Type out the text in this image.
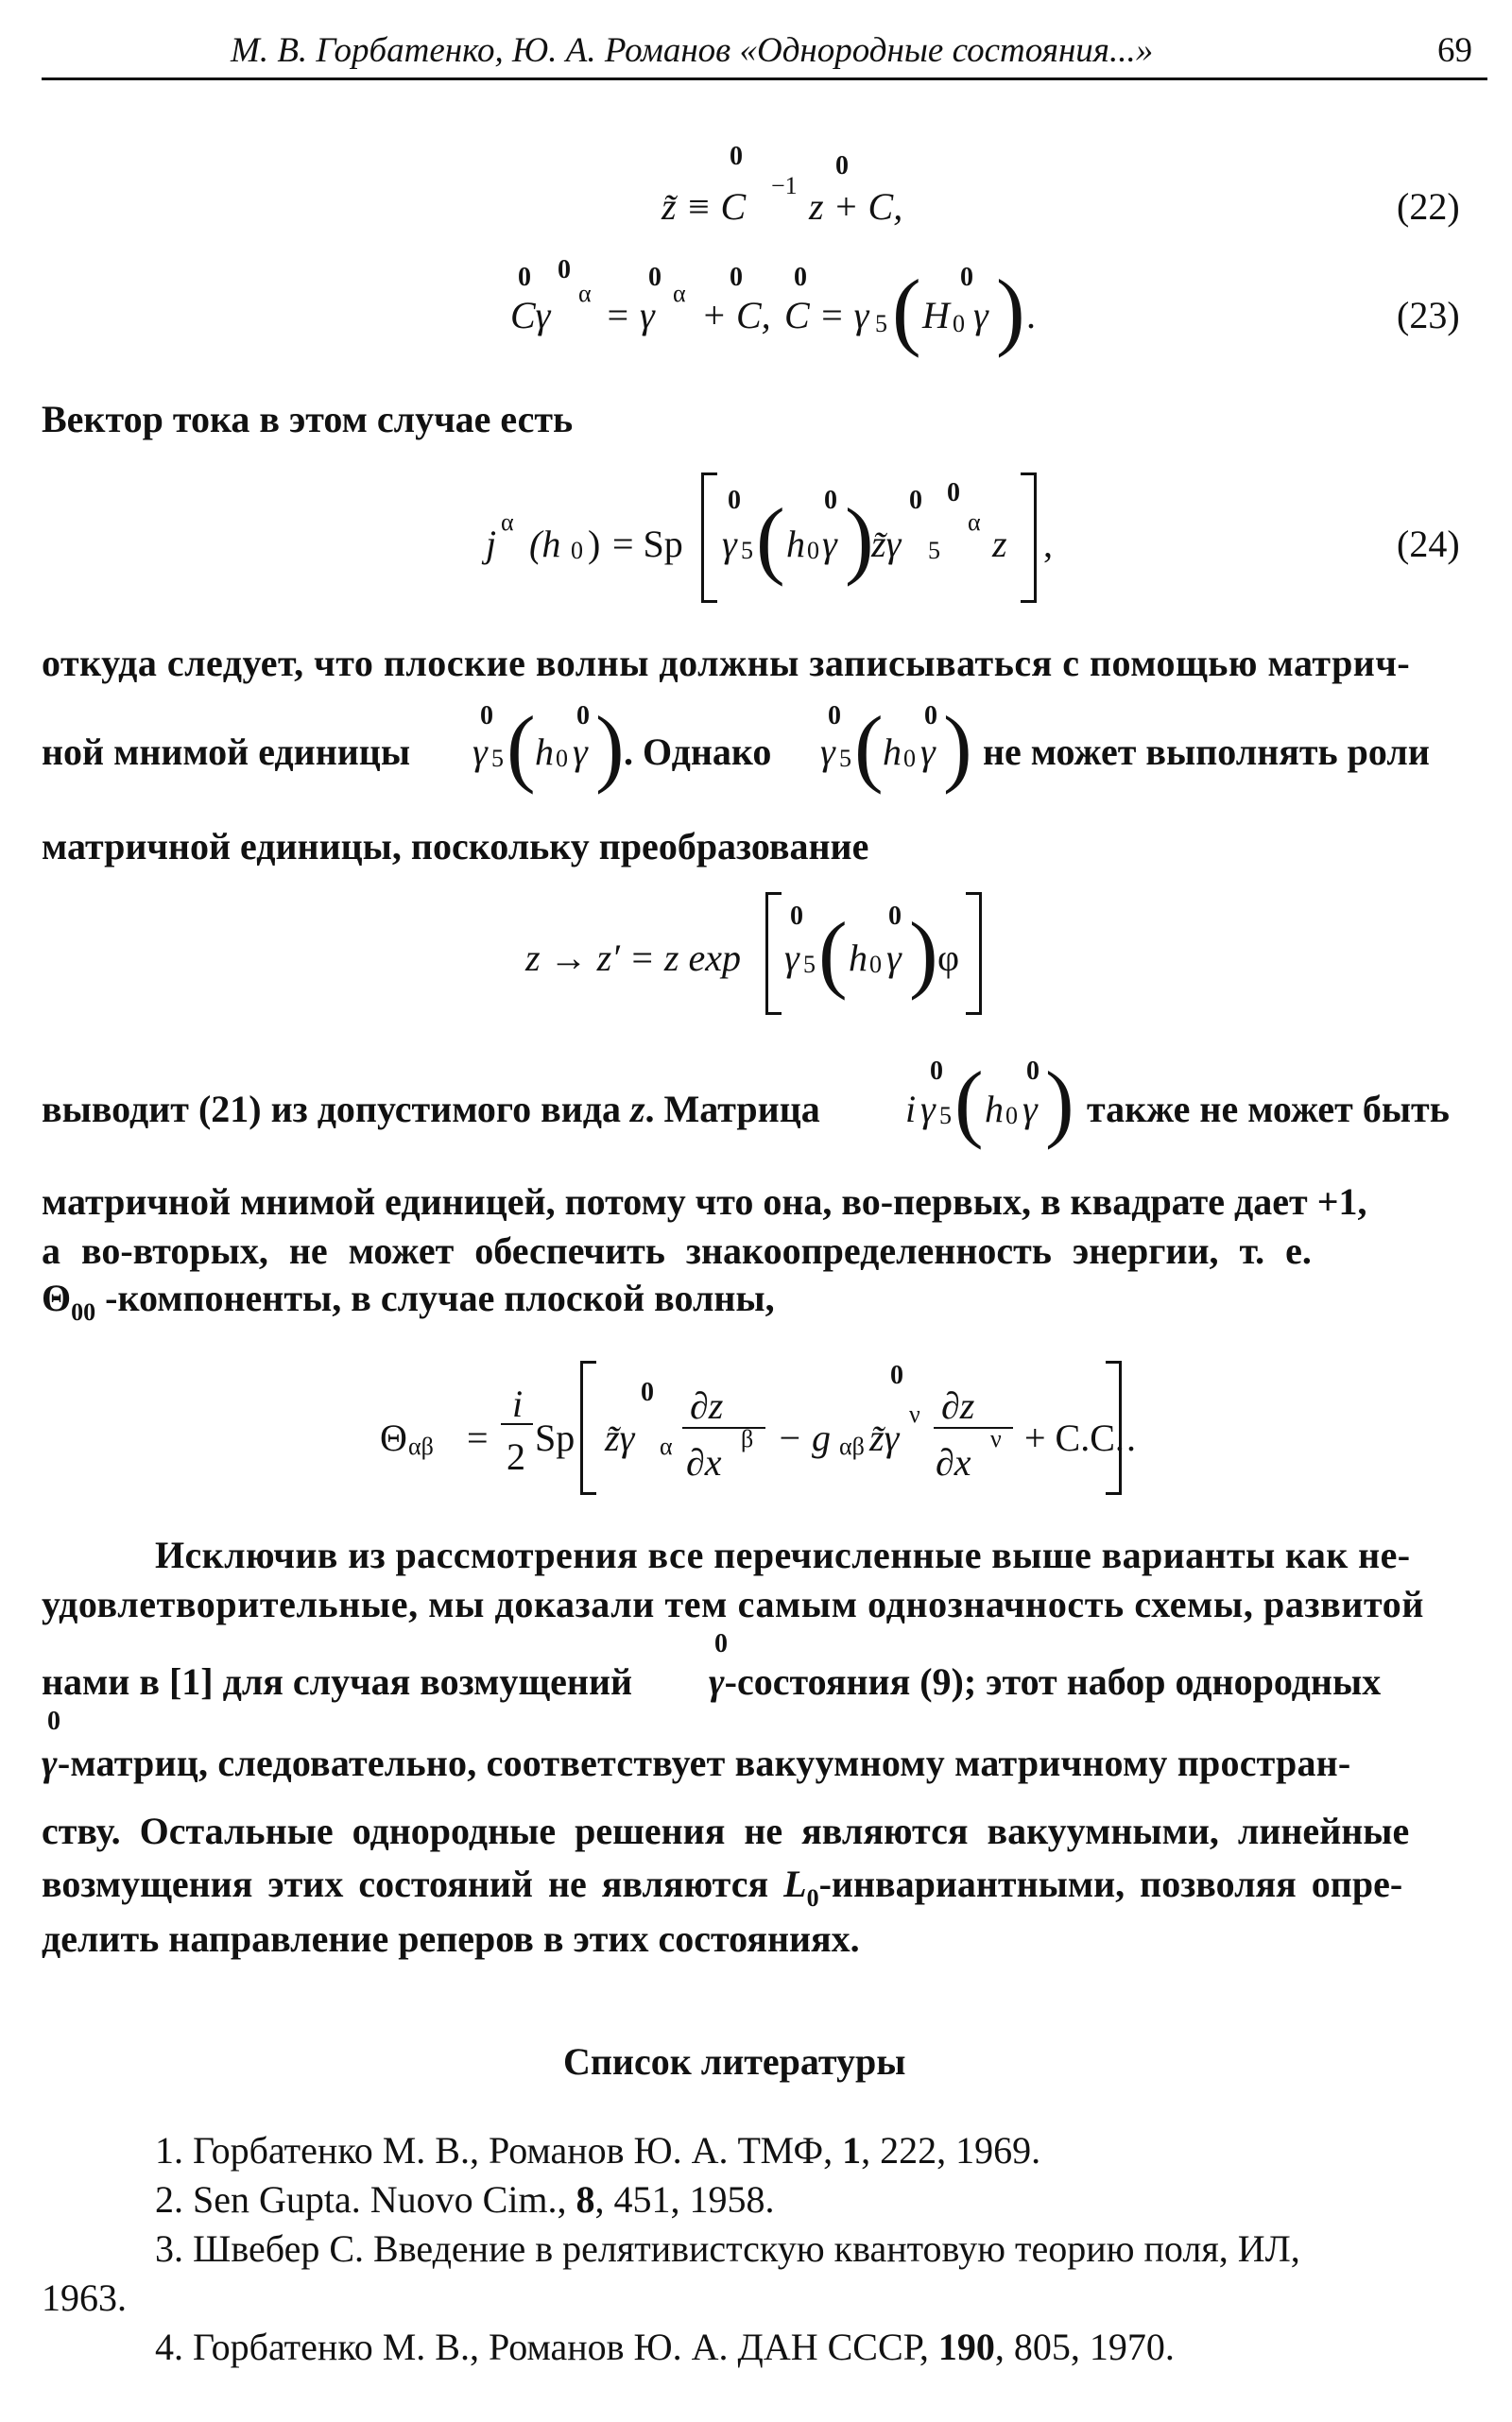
М. В. Горбатенко, Ю. А. Романов «Однородные состояния...»	69
0	0
z̃ ≡ C −1 z + C,	(22)
0 0	0	0 0	0
Cγ
α
= γ
α
+ C, C = γ 5 ( H 0 γ ) .	(23)
Вектор тока в этом случае есть
j
α
(h 0 ) = Sp
0
γ 5 ( 0
h 0 γ ) 0 0
z̃γ 5
α
z ,	(24)
откуда следует, что плоские волны должны записываться с помощью матрич-
ной мнимой единицы
0
γ 5 ( 0
h 0 γ ) . Однако
0
γ 5 ( 0
h 0 γ ) не может выполнять роли
матричной единицы, поскольку преобразование
z → z′ = z exp
0
γ 5 ( 0
h 0 γ ) φ
выводит (21) из допустимого вида z. Матрица
0
i γ 5 ( 0
h 0 γ ) также не может быть
матричной мнимой единицей, потому что она, во-первых, в квадрате дает +1,
а во-вторых, не может обеспечить знакоопределенность энергии, т. е.
$\Theta_{00}$ -компоненты, в случае плоской волны,
Θ αβ =
i
2 Sp
0
z̃γ α
∂z
∂x
β − g αβ
0
z̃γ
ν ∂z
∂x
ν + C.C. .
Исключив из рассмотрения все перечисленные выше варианты как не-
удовлетворительные, мы доказали тем самым однозначность схемы, развитой
нами в [1] для случая возмущений
0
γ-состояния (9); этот набор однородных
0
γ-матриц, следовательно, соответствует вакуумному матричному простран-
ству. Остальные однородные решения не являются вакуумными, линейные
возмущения этих состояний не являются $L_0$-инвариантными, позволяя опре-
делить направление реперов в этих состояниях.
Список литературы
1. Горбатенко М. В., Романов Ю. А. ТМФ, 1, 222, 1969.
2. Sen Gupta. Nuovo Cim., 8, 451, 1958.
3. Швебер С. Введение в релятивистскую квантовую теорию поля, ИЛ,
1963.
4. Горбатенко М. В., Романов Ю. А. ДАН СССР, 190, 805, 1970.
